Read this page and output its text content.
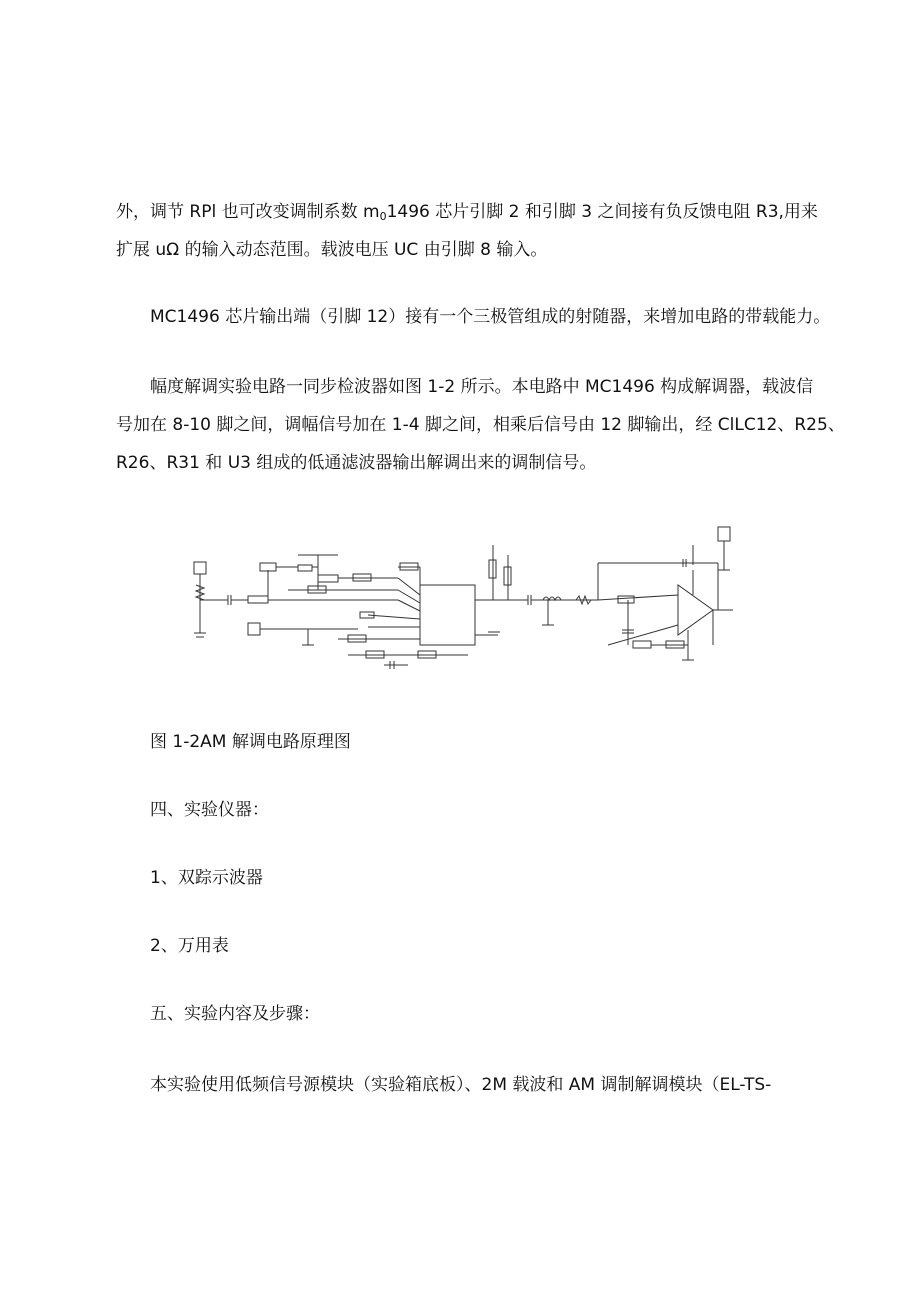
外，调节 RPl 也可改变调制系数 $m_01496$ 芯片引脚 2 和引脚 3 之间接有负反馈电阻 R3,用来
扩展 uΩ 的输入动态范围。载波电压 UC 由引脚 8 输入。
MC1496 芯片输出端（引脚 12）接有一个三极管组成的射随器，来增加电路的带载能力。
幅度解调实验电路一同步检波器如图 1-2 所示。本电路中 MC1496 构成解调器，载波信
号加在 8-10 脚之间，调幅信号加在 1-4 脚之间，相乘后信号由 12 脚输出，经 ClLC12、R25、
R26、R31 和 U3 组成的低通滤波器输出解调出来的调制信号。
图 1-2AM 解调电路原理图
四、实验仪器：
1、双踪示波器
2、万用表
五、实验内容及步骤：
本实验使用低频信号源模块（实验箱底板）、2M 载波和 AM 调制解调模块（EL-TS-
